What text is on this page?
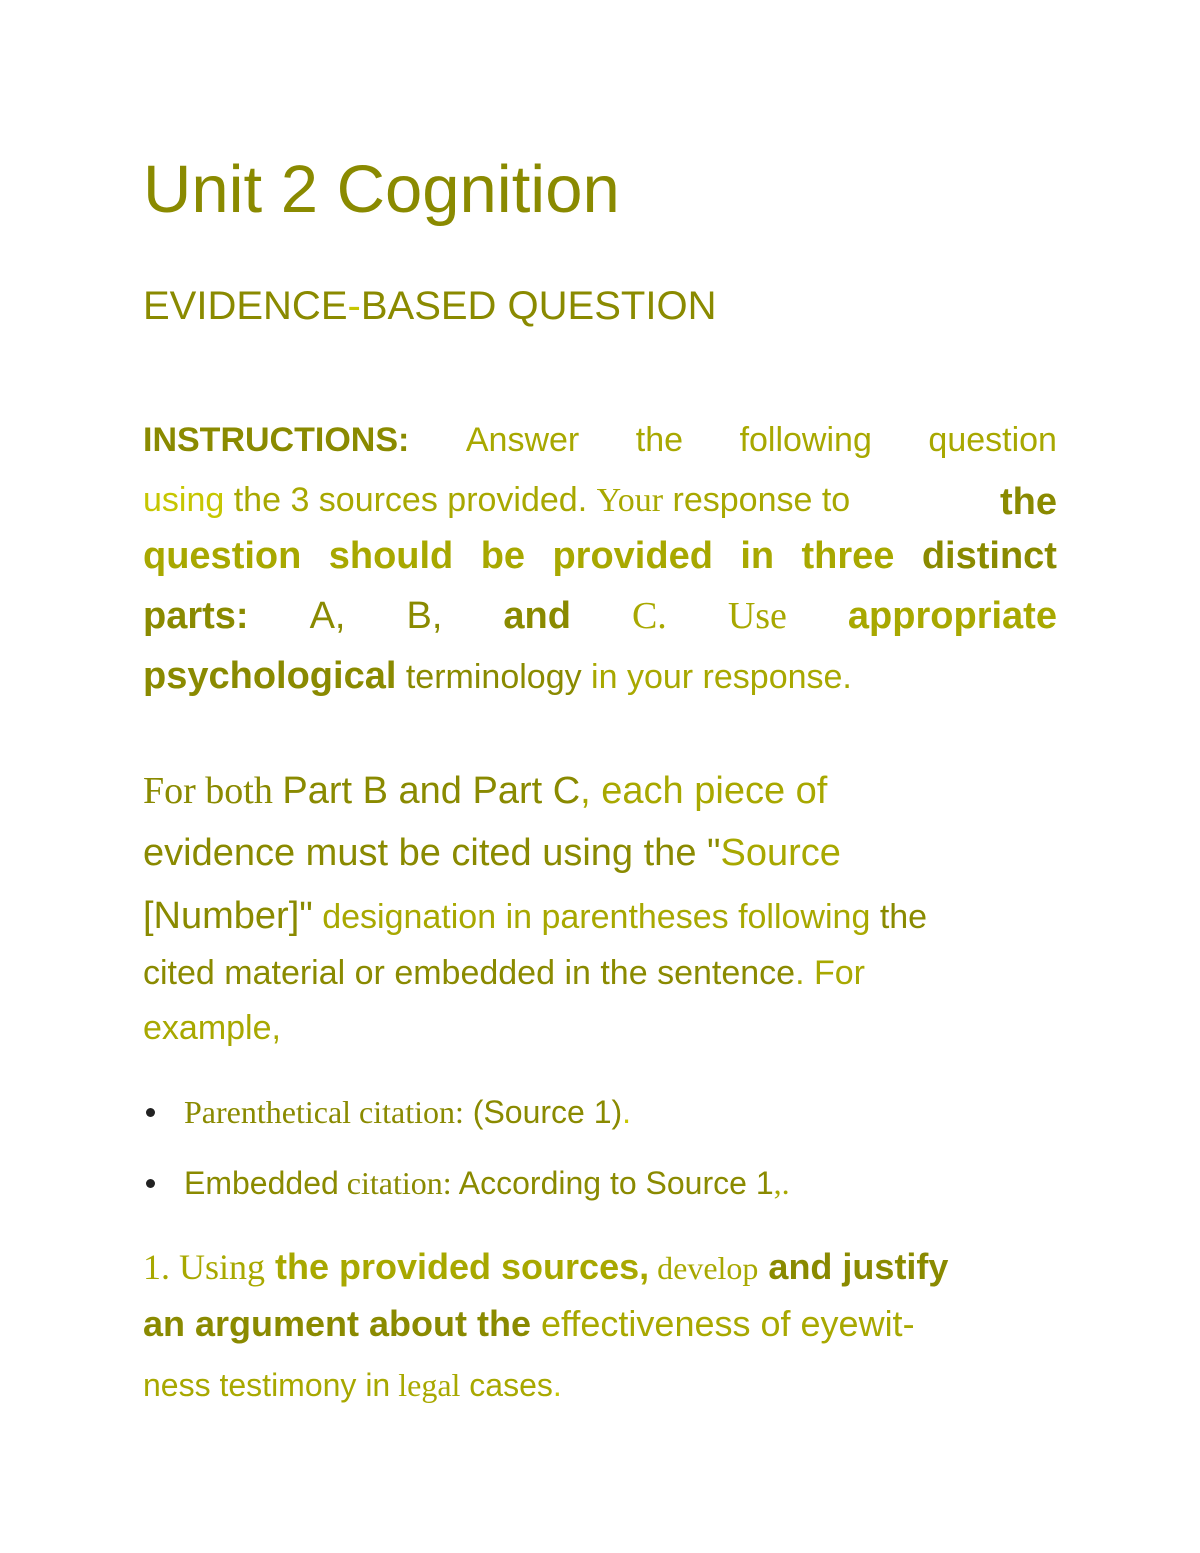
Unit 2 Cognition
EVIDENCE-BASED QUESTION
INSTRUCTIONS: Answer the following question
using the 3 sources provided. Your response to	the
question should be provided in three distinct
parts: A, B, and C. Use appropriate
psychological terminology in your response.
For both Part B and Part C, each piece of
evidence must be cited using the "Source
[Number]" designation in parentheses following the
cited material or embedded in the sentence. For
example,
Parenthetical citation: (Source 1).
Embedded citation: According to Source 1,.
1. Using the provided sources, develop and justify
an argument about the effectiveness of eyewit-
ness testimony in legal cases.
